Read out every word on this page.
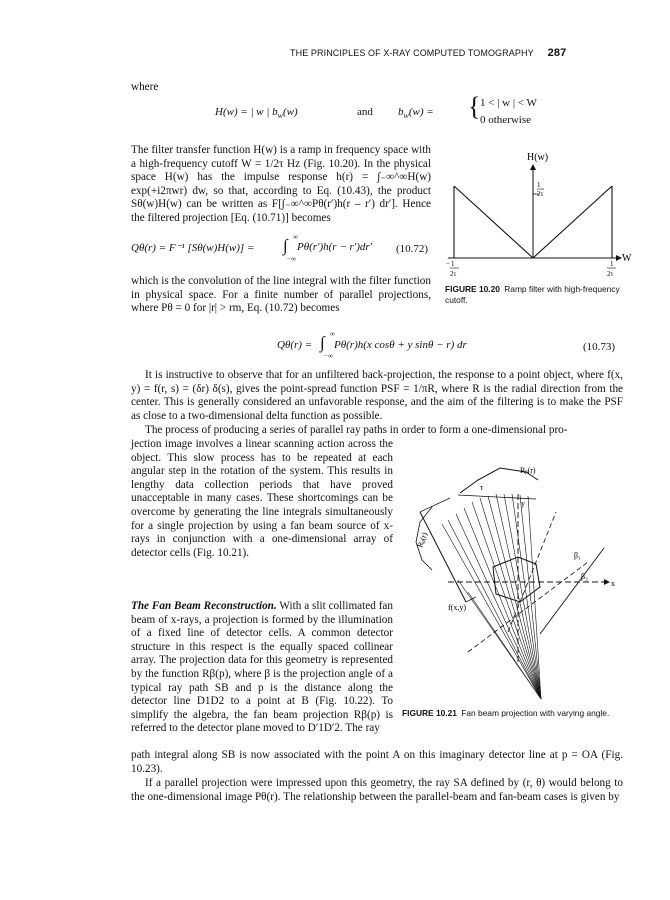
THE PRINCIPLES OF X-RAY COMPUTED TOMOGRAPHY 287
where
H(w) = | w | $b_w(w)$	and $b_w(w)$ = { 1 < | w | < W
0 otherwise
The filter transfer function H(w) is a ramp in frequency space with a high-frequency cutoff W = 1/2τ Hz (Fig. 10.20). In the physical space H(w) has the impulse response h(r) = ∫₋∞^∞H(w) exp(+i2πwr) dw, so that, according to Eq. (10.43), the product Sθ(w)H(w) can be written as F[∫₋∞^∞Pθ(r′)h(r – r′) dr′]. Hence the filtered projection [Eq. (10.71)] becomes
Qθ(r) = F⁻¹ [Sθ(w)H(w)] = ∫ ∞
−∞
Pθ(r′)h(r − r′)dr′ (10.72)
which is the convolution of the line integral with the filter function in physical space. For a finite number of parallel projections, where Pθ = 0 for |r| > rm, Eq. (10.72) becomes
Qθ(r) = ∫ ∞
−∞
Pθ(r)h(x cosθ + y sinθ − r) dr	(10.73)
It is instructive to observe that for an unfiltered back-projection, the response to a point object, where f(x, y) = f(r, s) = (δr) δ(s), gives the point-spread function PSF = 1/πR, where R is the radial direction from the center. This is generally considered an unfavorable response, and the aim of the filtering is to make the PSF as close to a two-dimensional delta function as possible.
The process of producing a series of parallel ray paths in order to form a one-dimensional pro-
jection image involves a linear scanning action across the object. This slow process has to be repeated at each angular step in the rotation of the system. This results in lengthy data collection periods that have proved unacceptable in many cases. These shortcomings can be overcome by generating the line integrals simultaneously for a single projection by using a fan beam source of x-rays in conjunction with a one-dimensional array of detector cells (Fig. 10.21).
The Fan Beam Reconstruction. With a slit collimated fan beam of x-rays, a projection is formed by the illumination of a fixed line of detector cells. A common detector structure in this respect is the equally spaced collinear array. The projection data for this geometry is represented by the function Rβ(p), where β is the projection angle of a typical ray path SB and p is the distance along the detector line D1D2 to a point at B (Fig. 10.22). To simplify the algebra, the fan beam projection Rβ(p) is referred to the detector plane moved to D′1D′2. The ray
path integral along SB is now associated with the point A on this imaginary detector line at p = OA (Fig. 10.23).
If a parallel projection were impressed upon this geometry, the ray SA defined by (r, θ) would belong to the one-dimensional image Pθ(r). The relationship between the parallel-beam and fan-beam cases is given by
H(w)
W
1
2τ
− 1
2τ
1
2τ
FIGURE 10.20 Ramp filter with high-frequency cutoff.
Rᵦ(r)
τ
Rᵦ(r)
β₁
β₂
x
y
f(x,y)
FIGURE 10.21 Fan beam projection with varying angle.
